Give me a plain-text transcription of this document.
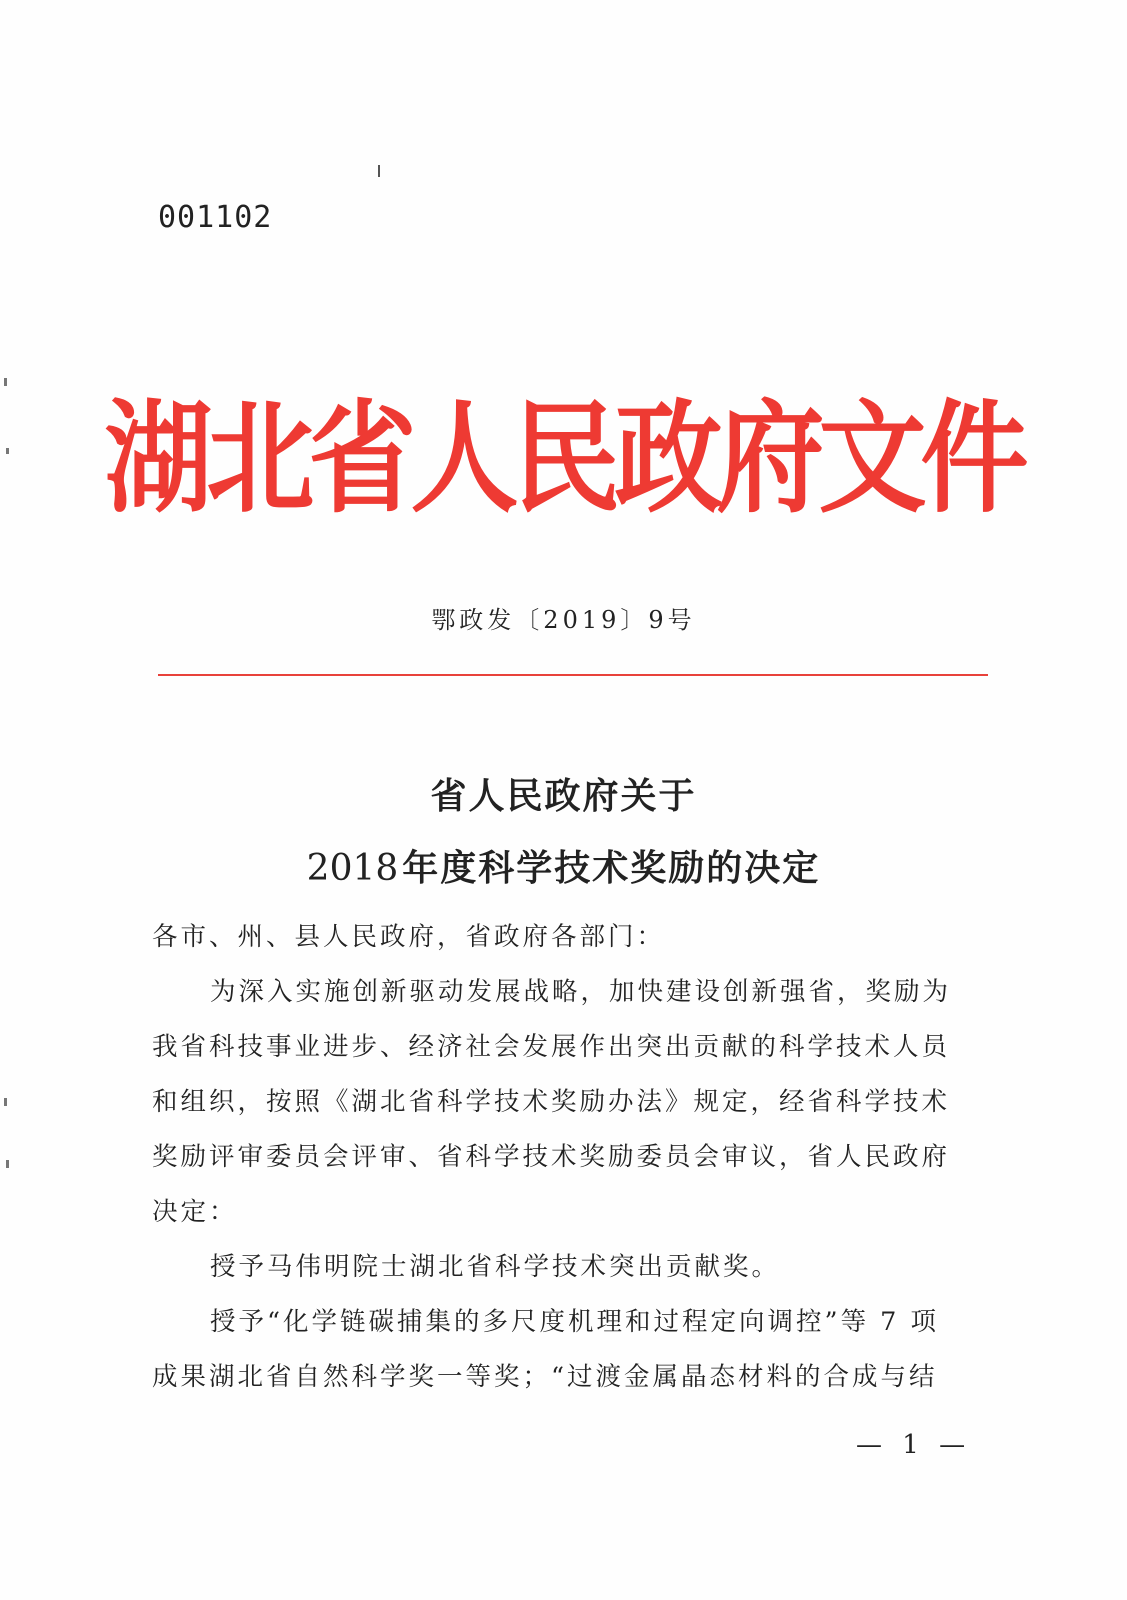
001102
湖北省人民政府文件
鄂政发〔2019〕9号
省人民政府关于
2018 年度科学技术奖励的决定
各市、州、县人民政府，省政府各部门：
为深入实施创新驱动发展战略，加快建设创新强省，奖励为
我省科技事业进步、经济社会发展作出突出贡献的科学技术人员
和组织，按照《湖北省科学技术奖励办法》规定，经省科学技术
奖励评审委员会评审、省科学技术奖励委员会审议，省人民政府
决定：
授予马伟明院士湖北省科学技术突出贡献奖。
授予“化学链碳捕集的多尺度机理和过程定向调控”等 7 项
成果湖北省自然科学奖一等奖；“过渡金属晶态材料的合成与结
— 1 —
